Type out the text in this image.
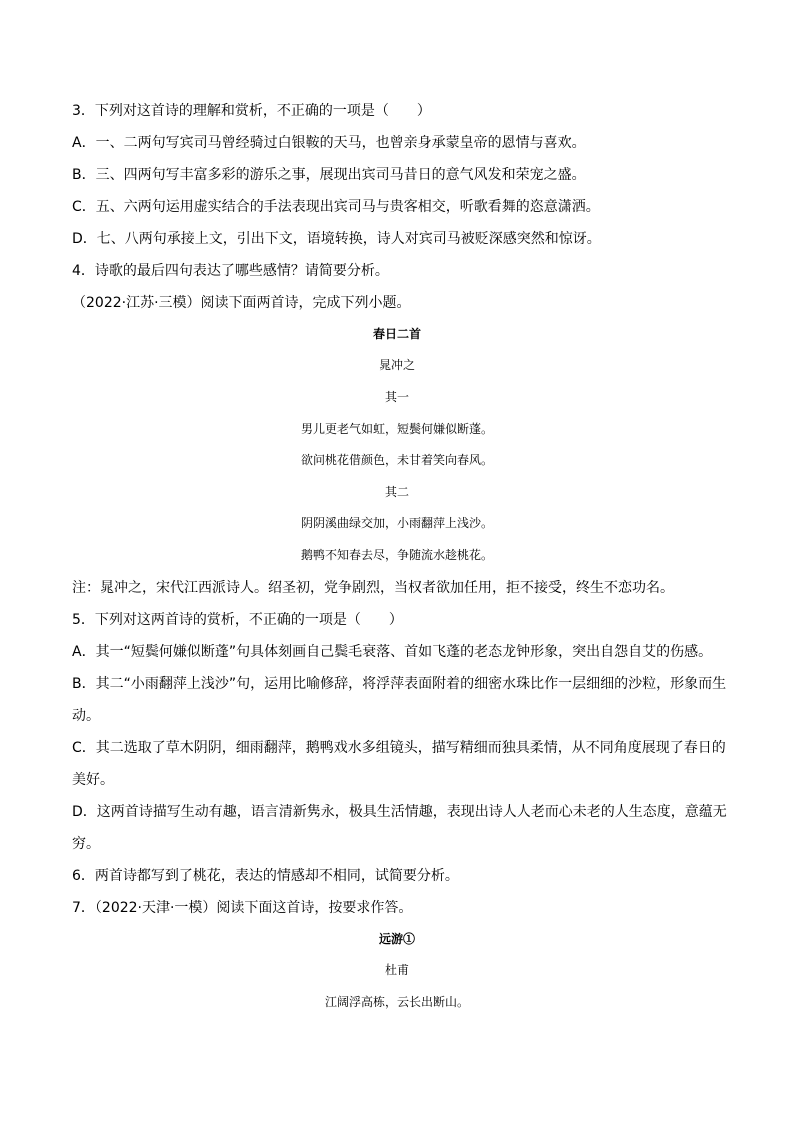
3．下列对这首诗的理解和赏析，不正确的一项是（　　）
A．一、二两句写宾司马曾经骑过白银鞍的天马，也曾亲身承蒙皇帝的恩情与喜欢。
B．三、四两句写丰富多彩的游乐之事，展现出宾司马昔日的意气风发和荣宠之盛。
C．五、六两句运用虚实结合的手法表现出宾司马与贵客相交，听歌看舞的恣意潇洒。
D．七、八两句承接上文，引出下文，语境转换，诗人对宾司马被贬深感突然和惊讶。
4．诗歌的最后四句表达了哪些感情？请简要分析。
（2022·江苏·三模）阅读下面两首诗，完成下列小题。
春日二首
晁冲之
其一
男儿更老气如虹，短鬓何嫌似断蓬。
欲问桃花借颜色，未甘着笑向春风。
其二
阴阴溪曲绿交加，小雨翻萍上浅沙。
鹅鸭不知春去尽，争随流水趁桃花。
注：晁冲之，宋代江西派诗人。绍圣初，党争剧烈，当权者欲加任用，拒不接受，终生不恋功名。
5．下列对这两首诗的赏析，不正确的一项是（　　）
A．其一“短鬓何嫌似断蓬”句具体刻画自己鬓毛衰落、首如飞蓬的老态龙钟形象，突出自怨自艾的伤感。
B．其二“小雨翻萍上浅沙”句，运用比喻修辞，将浮萍表面附着的细密水珠比作一层细细的沙粒，形象而生
动。
C．其二选取了草木阴阴，细雨翻萍，鹅鸭戏水多组镜头，描写精细而独具柔情，从不同角度展现了春日的
美好。
D．这两首诗描写生动有趣，语言清新隽永，极具生活情趣，表现出诗人人老而心未老的人生态度，意蕴无
穷。
6．两首诗都写到了桃花，表达的情感却不相同，试简要分析。
7．（2022·天津·一模）阅读下面这首诗，按要求作答。
远游①
杜甫
江阔浮高栋，云长出断山。
